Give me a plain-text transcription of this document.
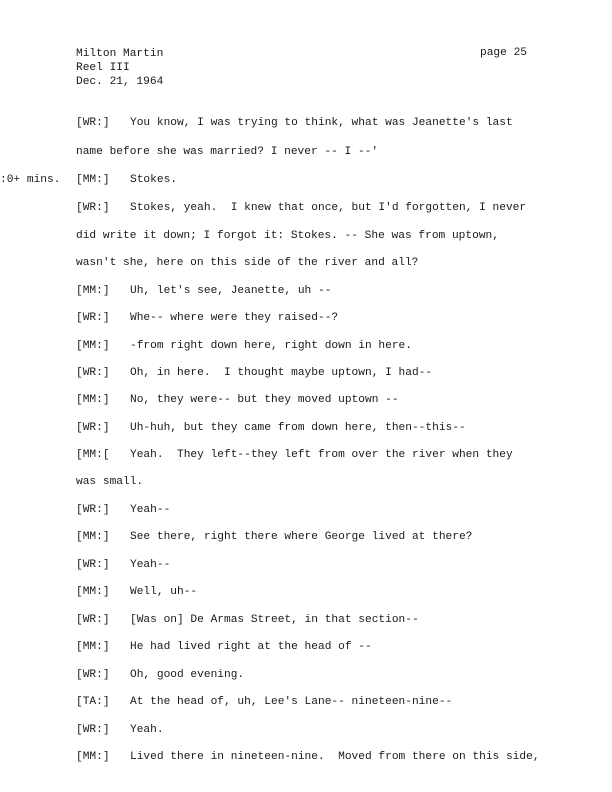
Milton Martin
Reel III
Dec. 21, 1964
page 25
:0+ mins.
[WR:] You know, I was trying to think, what was Jeanette's last
name before she was married? I never -- I --'
[MM:] Stokes.
[WR:] Stokes, yeah.  I knew that once, but I'd forgotten, I never
did write it down; I forgot it: Stokes. -- She was from uptown,
wasn't she, here on this side of the river and all?
[MM:] Uh, let's see, Jeanette, uh --
[WR:] Whe-- where were they raised--?
[MM:] -from right down here, right down in here.
[WR:] Oh, in here.  I thought maybe uptown, I had--
[MM:] No, they were-- but they moved uptown --
[WR:] Uh-huh, but they came from down here, then--this--
[MM:[ Yeah.  They left--they left from over the river when they
was small.
[WR:] Yeah--
[MM:] See there, right there where George lived at there?
[WR:] Yeah--
[MM:] Well, uh--
[WR:] [Was on] De Armas Street, in that section--
[MM:] He had lived right at the head of --
[WR:] Oh, good evening.
[TA:] At the head of, uh, Lee's Lane-- nineteen-nine--
[WR:] Yeah.
[MM:] Lived there in nineteen-nine.  Moved from there on this side,
